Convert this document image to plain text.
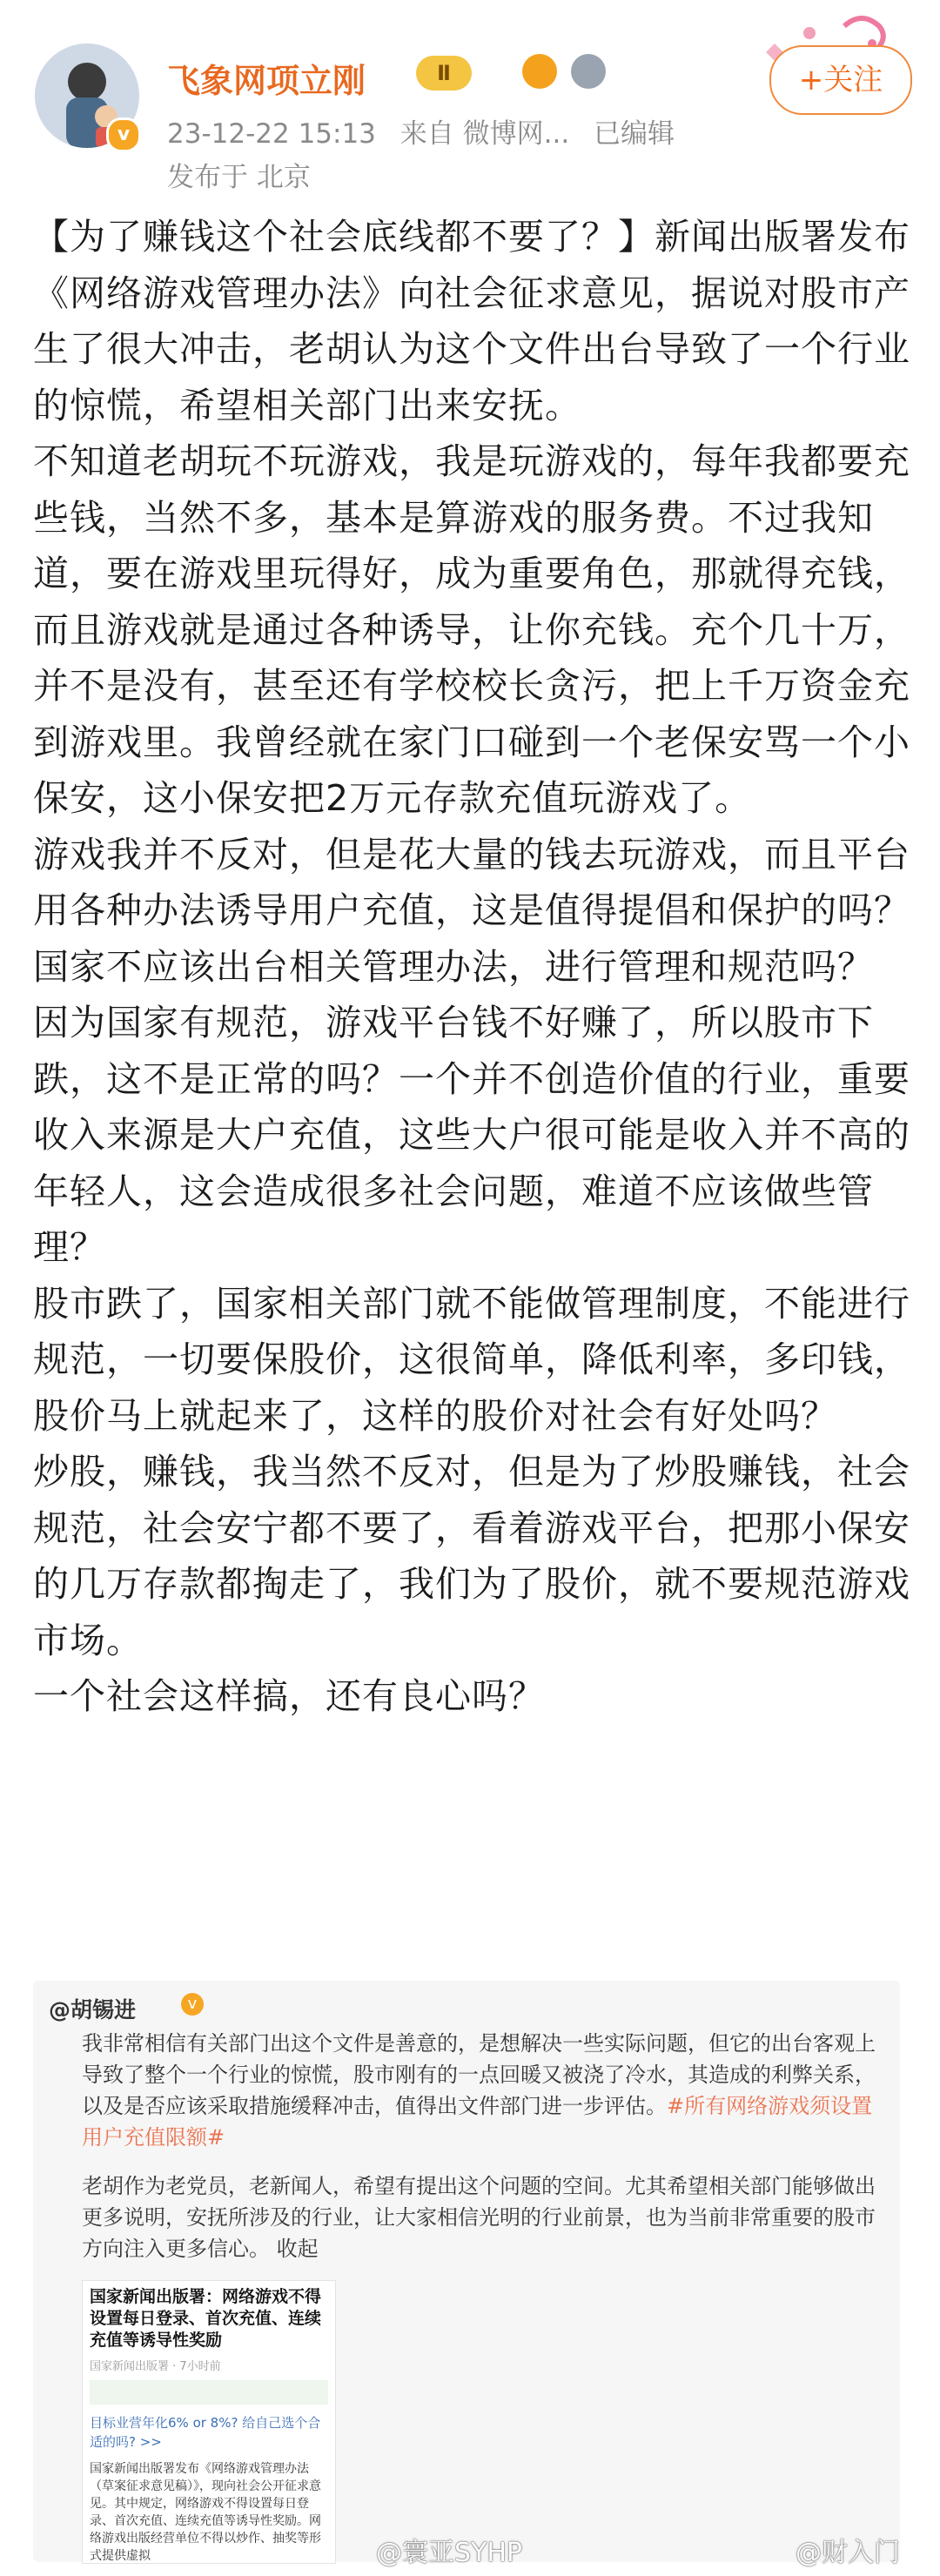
v
飞象网项立刚	Ⅱ
23-12-22 15:13 来自 微博网... 已编辑
发布于 北京
+关注

【为了赚钱这个社会底线都不要了？】新闻出版署发布《网络游戏管理办法》向社会征求意见，据说对股市产生了很大冲击，老胡认为这个文件出台导致了一个行业的惊慌，希望相关部门出来安抚。

不知道老胡玩不玩游戏，我是玩游戏的，每年我都要充些钱，当然不多，基本是算游戏的服务费。不过我知道，要在游戏里玩得好，成为重要角色，那就得充钱，而且游戏就是通过各种诱导，让你充钱。充个几十万，并不是没有，甚至还有学校校长贪污，把上千万资金充到游戏里。我曾经就在家门口碰到一个老保安骂一个小保安，这小保安把2万元存款充值玩游戏了。

游戏我并不反对，但是花大量的钱去玩游戏，而且平台用各种办法诱导用户充值，这是值得提倡和保护的吗？国家不应该出台相关管理办法，进行管理和规范吗？

因为国家有规范，游戏平台钱不好赚了，所以股市下跌，这不是正常的吗？一个并不创造价值的行业，重要收入来源是大户充值，这些大户很可能是收入并不高的年轻人，这会造成很多社会问题，难道不应该做些管理？

股市跌了，国家相关部门就不能做管理制度，不能进行规范，一切要保股价，这很简单，降低利率，多印钱，股价马上就起来了，这样的股价对社会有好处吗？

炒股，赚钱，我当然不反对，但是为了炒股赚钱，社会规范，社会安宁都不要了，看着游戏平台，把那小保安的几万存款都掏走了，我们为了股价，就不要规范游戏市场。

一个社会这样搞，还有良心吗？

@胡锡进	v
我非常相信有关部门出这个文件是善意的，是想解决一些实际问题，但它的出台客观上导致了整个一个行业的惊慌，股市刚有的一点回暖又被浇了冷水，其造成的利弊关系，以及是否应该采取措施缓释冲击，值得出文件部门进一步评估。#所有网络游戏须设置用户充值限额#
老胡作为老党员，老新闻人，希望有提出这个问题的空间。尤其希望相关部门能够做出更多说明，安抚所涉及的行业，让大家相信光明的行业前景，也为当前非常重要的股市方向注入更多信心。 收起
国家新闻出版署：网络游戏不得设置每日登录、首次充值、连续充值等诱导性奖励
国家新闻出版署 · 7小时前
目标业营年化6% or 8%? 给自己选个合适的吗? >>
国家新闻出版署发布《网络游戏管理办法（草案征求意见稿）》，现向社会公开征求意见。其中规定，网络游戏不得设置每日登录、首次充值、连续充值等诱导性奖励。网络游戏出版经营单位不得以炒作、抽奖等形式提供虚拟	@寰亚SYHP	@财入门
